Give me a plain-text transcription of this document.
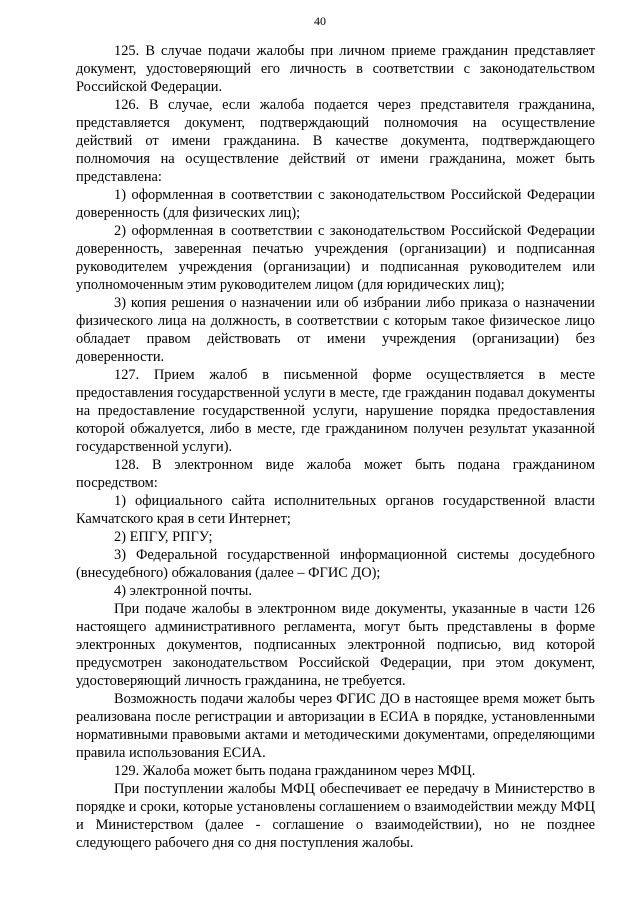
40

125. В случае подачи жалобы при личном приеме гражданин представляет документ, удостоверяющий его личность в соответствии с законодательством Российской Федерации.

126. В случае, если жалоба подается через представителя гражданина, представляется документ, подтверждающий полномочия на осуществление действий от имени гражданина. В качестве документа, подтверждающего полномочия на осуществление действий от имени гражданина, может быть представлена:

1) оформленная в соответствии с законодательством Российской Федерации доверенность (для физических лиц);

2) оформленная в соответствии с законодательством Российской Федерации доверенность, заверенная печатью учреждения (организации) и подписанная руководителем учреждения (организации) и подписанная руководителем или уполномоченным этим руководителем лицом (для юридических лиц);

3) копия решения о назначении или об избрании либо приказа о назначении физического лица на должность, в соответствии с которым такое физическое лицо обладает правом действовать от имени учреждения (организации) без доверенности.

127. Прием жалоб в письменной форме осуществляется в месте предоставления государственной услуги в месте, где гражданин подавал документы на предоставление государственной услуги, нарушение порядка предоставления которой обжалуется, либо в месте, где гражданином получен результат указанной государственной услуги).

128. В электронном виде жалоба может быть подана гражданином посредством:

1) официального сайта исполнительных органов государственной власти Камчатского края в сети Интернет;

2) ЕПГУ, РПГУ;

3) Федеральной государственной информационной системы досудебного (внесудебного) обжалования (далее – ФГИС ДО);

4) электронной почты.

При подаче жалобы в электронном виде документы, указанные в части 126 настоящего административного регламента, могут быть представлены в форме электронных документов, подписанных электронной подписью, вид которой предусмотрен законодательством Российской Федерации, при этом документ, удостоверяющий личность гражданина, не требуется.

Возможность подачи жалобы через ФГИС ДО в настоящее время может быть реализована после регистрации и авторизации в ЕСИА в порядке, установленными нормативными правовыми актами и методическими документами, определяющими правила использования ЕСИА.

129. Жалоба может быть подана гражданином через МФЦ.

При поступлении жалобы МФЦ обеспечивает ее передачу в Министерство в порядке и сроки, которые установлены соглашением о взаимодействии между МФЦ и Министерством (далее - соглашение о взаимодействии), но не позднее следующего рабочего дня со дня поступления жалобы.
